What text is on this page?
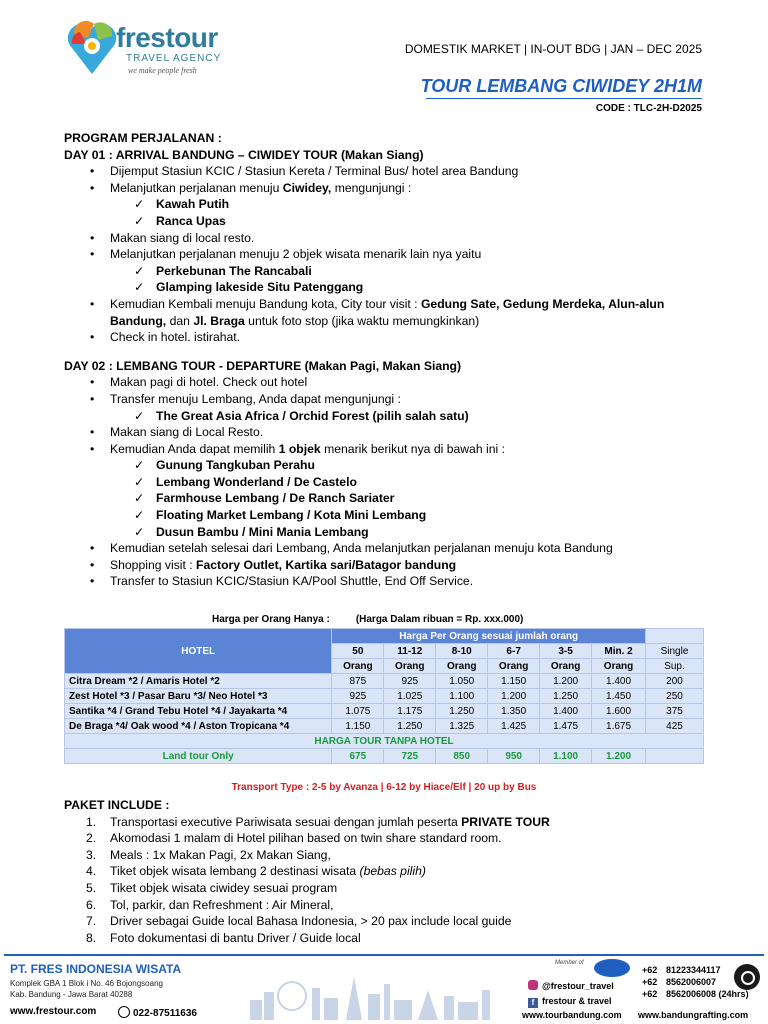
frestour
TRAVEL AGENCY
we make people fresh
DOMESTIK MARKET | IN-OUT BDG | JAN – DEC 2025
TOUR LEMBANG CIWIDEY 2H1M
CODE : TLC-2H-D2025
PROGRAM PERJALANAN :
DAY 01 : ARRIVAL BANDUNG – CIWIDEY TOUR (Makan Siang)
• Dijemput Stasiun KCIC / Stasiun Kereta / Terminal Bus/ hotel area Bandung
• Melanjutkan perjalanan menuju Ciwidey, mengunjungi :
✓ Kawah Putih
✓ Ranca Upas
• Makan siang di local resto.
• Melanjutkan perjalanan menuju 2 objek wisata menarik lain nya yaitu
✓ Perkebunan The Rancabali
✓ Glamping lakeside Situ Patenggang
• Kemudian Kembali menuju Bandung kota, City tour visit : Gedung Sate, Gedung Merdeka, Alun-alun Bandung, dan Jl. Braga untuk foto stop (jika waktu memungkinkan)
• Check in hotel. istirahat.
DAY 02 : LEMBANG TOUR - DEPARTURE (Makan Pagi, Makan Siang)
• Makan pagi di hotel. Check out hotel
• Transfer menuju Lembang, Anda dapat mengunjungi :
✓ The Great Asia Africa / Orchid Forest (pilih salah satu)
• Makan siang di Local Resto.
• Kemudian Anda dapat memilih 1 objek menarik berikut nya di bawah ini :
✓ Gunung Tangkuban Perahu
✓ Lembang Wonderland / De Castelo
✓ Farmhouse Lembang / De Ranch Sariater
✓ Floating Market Lembang / Kota Mini Lembang
✓ Dusun Bambu / Mini Mania Lembang
• Kemudian setelah selesai dari Lembang, Anda melanjutkan perjalanan menuju kota Bandung
• Shopping visit : Factory Outlet, Kartika sari/Batagor bandung
• Transfer to Stasiun KCIC/Stasiun KA/Pool Shuttle, End Off Service.
Harga per Orang Hanya :	(Harga Dalam ribuan = Rp. xxx.000)
HOTEL	Harga Per Orang sesuai jumlah orang						
	50	11-12	8-10	6-7	3-5	Min. 2	Single
	Orang	Orang	Orang	Orang	Orang	Orang	Sup.
Citra Dream *2 / Amaris Hotel *2	875	925	1.050	1.150	1.200	1.400	200
Zest Hotel *3 / Pasar Baru *3/ Neo Hotel *3	925	1.025	1.100	1.200	1.250	1.450	250
Santika *4 / Grand Tebu Hotel *4 / Jayakarta *4	1.075	1.175	1.250	1.350	1.400	1.600	375
De Braga *4/ Oak wood *4 / Aston Tropicana *4	1.150	1.250	1.325	1.425	1.475	1.675	425
HARGA TOUR TANPA HOTEL							
Land tour Only	675	725	850	950	1.100	1.200	
Transport Type : 2-5 by Avanza | 6-12 by Hiace/Elf | 20 up by Bus
PAKET INCLUDE :
1. Transportasi executive Pariwisata sesuai dengan jumlah peserta PRIVATE TOUR
2. Akomodasi 1 malam di Hotel pilihan based on twin share standard room.
3. Meals : 1x Makan Pagi, 2x Makan Siang,
4. Tiket objek wisata lembang 2 destinasi wisata (bebas pilih)
5. Tiket objek wisata ciwidey sesuai program
6. Tol, parkir, dan Refreshment : Air Mineral,
7. Driver sebagai Guide local Bahasa Indonesia, > 20 pax include local guide
8. Foto dokumentasi di bantu Driver / Guide local
PT. FRES INDONESIA WISATA
Komplek GBA 1 Blok i No. 46 Bojongsoang
Kab. Bandung - Jawa Barat 40288
www.frestour.com	022-87511636
Member of
@frestour_travel
f frestour & travel
www.tourbandung.com www.bandungrafting.com
+62 81223344117
+62 8562006007
+62 8562006008 (24hrs)
